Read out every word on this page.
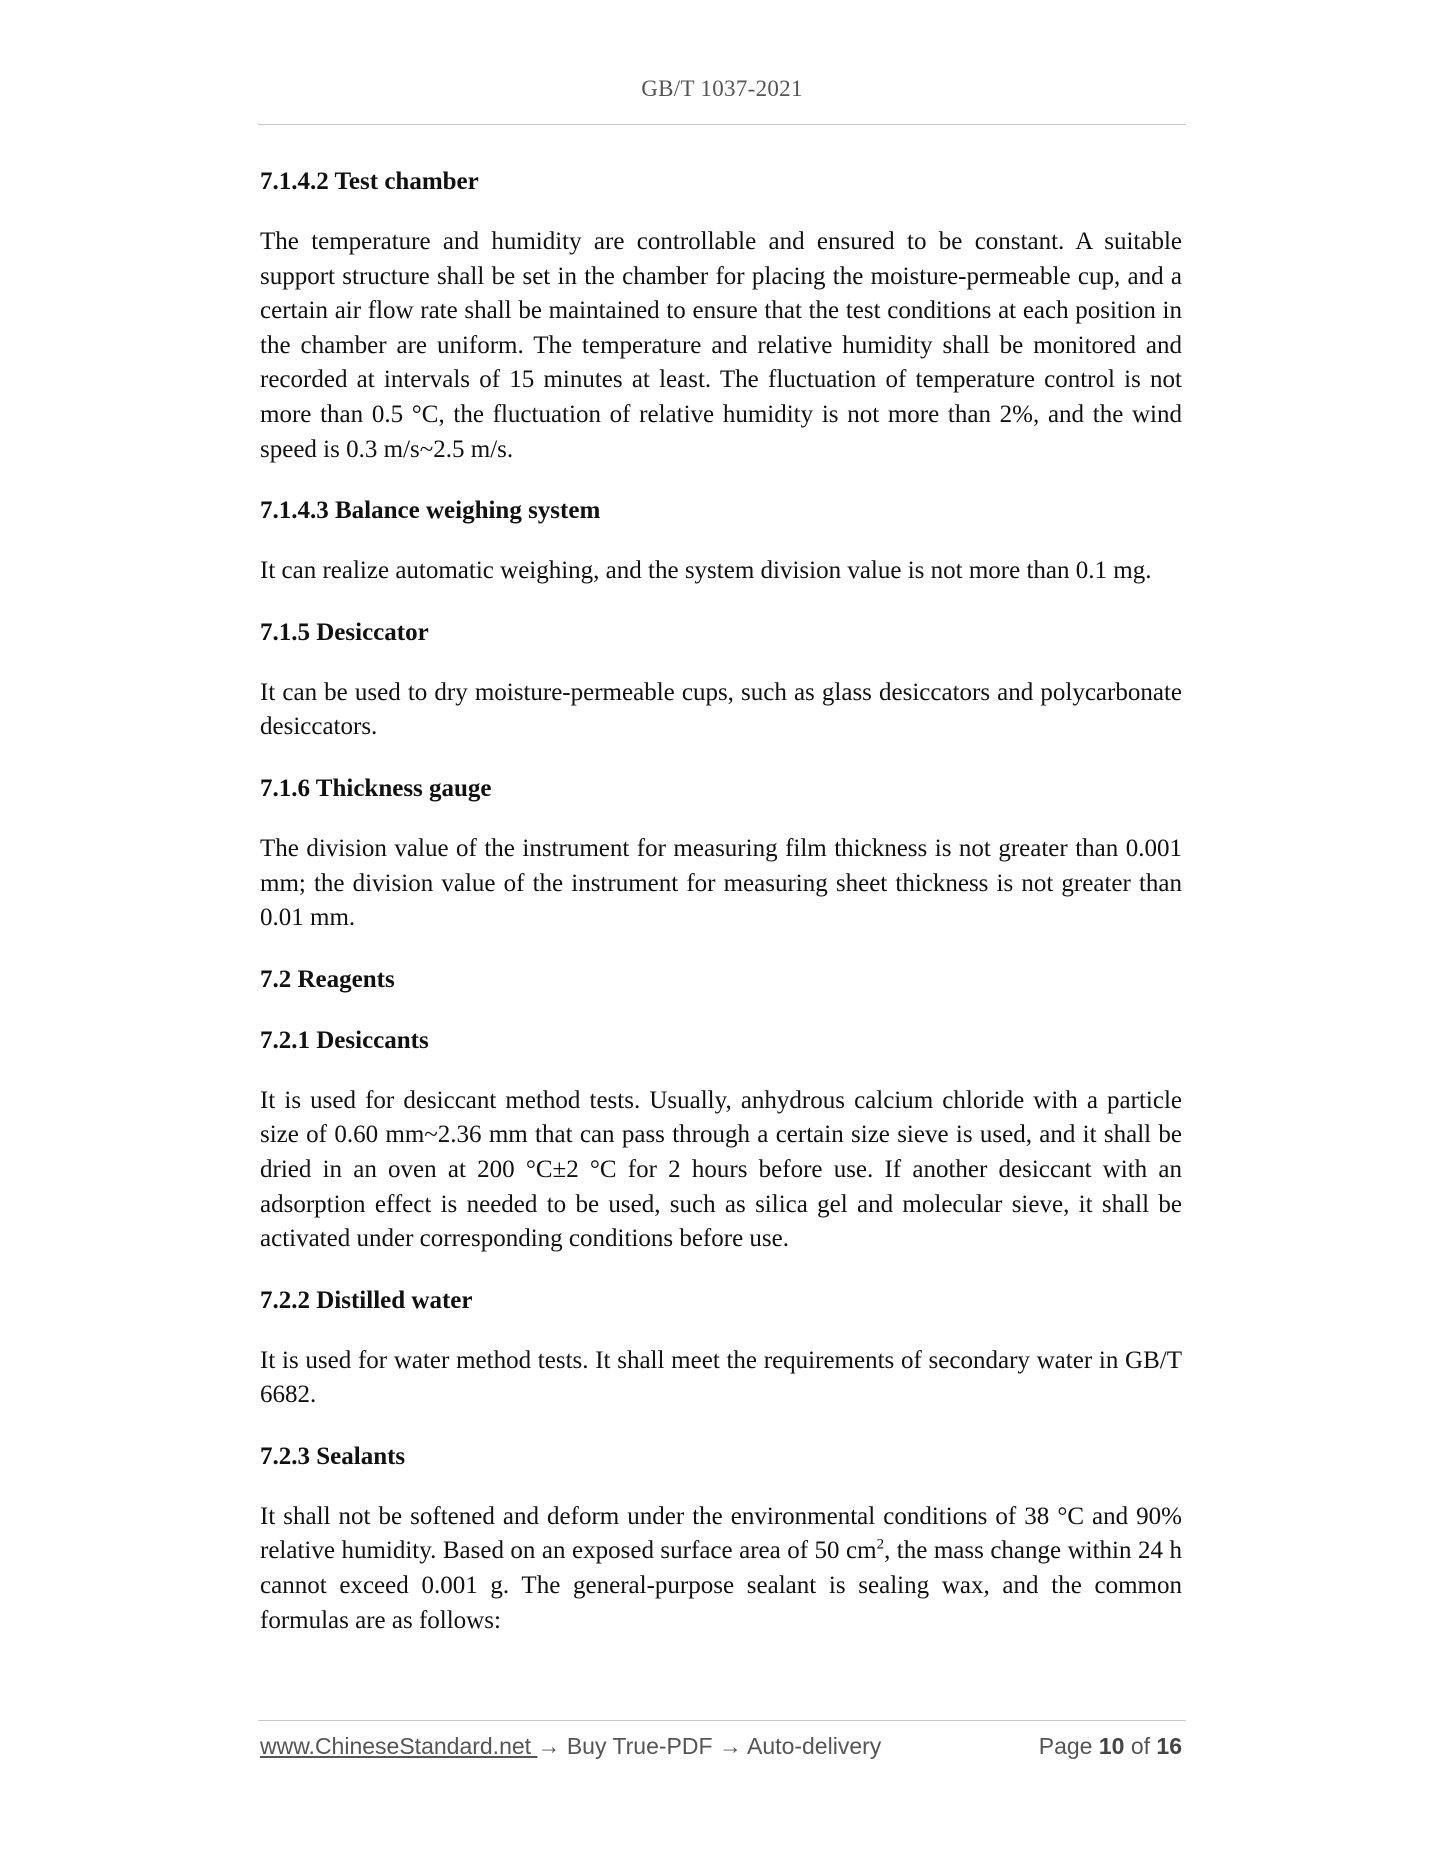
GB/T 1037-2021
7.1.4.2 Test chamber
The temperature and humidity are controllable and ensured to be constant. A suitable support structure shall be set in the chamber for placing the moisture-permeable cup, and a certain air flow rate shall be maintained to ensure that the test conditions at each position in the chamber are uniform. The temperature and relative humidity shall be monitored and recorded at intervals of 15 minutes at least. The fluctuation of temperature control is not more than 0.5 °C, the fluctuation of relative humidity is not more than 2%, and the wind speed is 0.3 m/s~2.5 m/s.
7.1.4.3 Balance weighing system
It can realize automatic weighing, and the system division value is not more than 0.1 mg.
7.1.5 Desiccator
It can be used to dry moisture-permeable cups, such as glass desiccators and polycarbonate desiccators.
7.1.6 Thickness gauge
The division value of the instrument for measuring film thickness is not greater than 0.001 mm; the division value of the instrument for measuring sheet thickness is not greater than 0.01 mm.
7.2 Reagents
7.2.1 Desiccants
It is used for desiccant method tests. Usually, anhydrous calcium chloride with a particle size of 0.60 mm~2.36 mm that can pass through a certain size sieve is used, and it shall be dried in an oven at 200 °C±2 °C for 2 hours before use. If another desiccant with an adsorption effect is needed to be used, such as silica gel and molecular sieve, it shall be activated under corresponding conditions before use.
7.2.2 Distilled water
It is used for water method tests. It shall meet the requirements of secondary water in GB/T 6682.
7.2.3 Sealants
It shall not be softened and deform under the environmental conditions of 38 °C and 90% relative humidity. Based on an exposed surface area of 50 $cm^2$, the mass change within 24 h cannot exceed 0.001 g. The general-purpose sealant is sealing wax, and the common formulas are as follows:
www.ChineseStandard.net → Buy True-PDF → Auto-delivery	Page 10 of 16
